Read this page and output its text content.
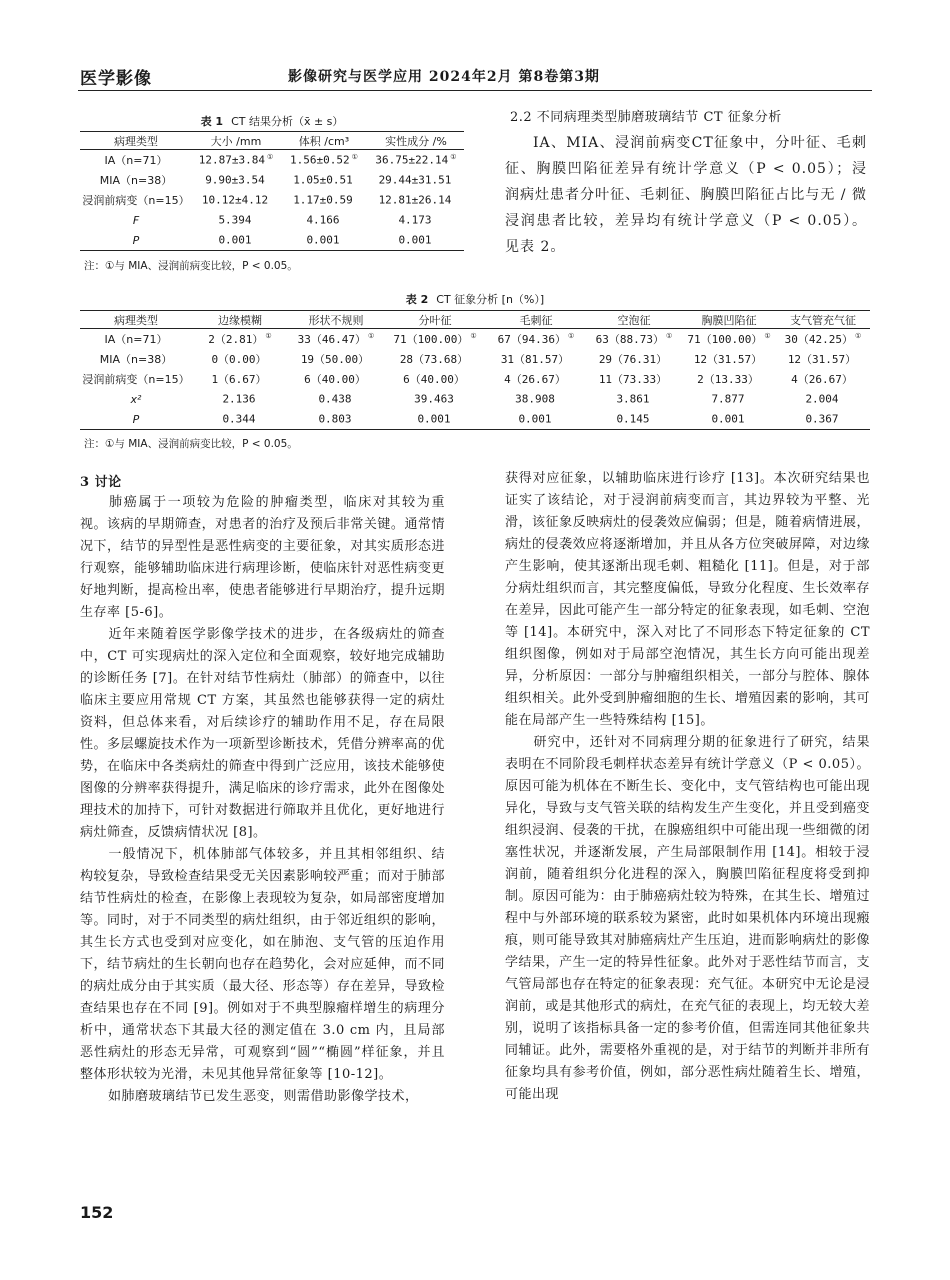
医学影像	影像研究与医学应用 2024年2月 第8卷第3期
表 1 CT 结果分析（x̄ ± s）
病理类型	大小 /mm	体积 /cm³	实性成分 /%
IA（n=71）	12.87±3.84 ①	1.56±0.52 ①	36.75±22.14 ①
MIA（n=38）	9.90±3.54	1.05±0.51	29.44±31.51
浸润前病变（n=15）	10.12±4.12	1.17±0.59	12.81±26.14
F	5.394	4.166	4.173
P	0.001	0.001	0.001
注：①与 MIA、浸润前病变比较，P < 0.05。
2.2 不同病理类型肺磨玻璃结节 CT 征象分析
IA、MIA、浸润前病变CT征象中，分叶征、毛刺征、胸膜凹陷征差异有统计学意义（P < 0.05）；浸润病灶患者分叶征、毛刺征、胸膜凹陷征占比与无 / 微浸润患者比较，差异均有统计学意义（P < 0.05）。见表 2。
表 2 CT 征象分析 [n（%）]
病理类型	边缘模糊	形状不规则	分叶征	毛刺征	空泡征	胸膜凹陷征	支气管充气征
IA（n=71）	2（2.81） ①	33（46.47） ①	71（100.00） ①	67（94.36） ①	63（88.73） ①	71（100.00） ①	30（42.25） ①
MIA（n=38）	0（0.00）	19（50.00）	28（73.68）	31（81.57）	29（76.31）	12（31.57）	12（31.57）
浸润前病变（n=15）	1（6.67）	6（40.00）	6（40.00）	4（26.67）	11（73.33）	2（13.33）	4（26.67）
x²	2.136	0.438	39.463	38.908	3.861	7.877	2.004
P	0.344	0.803	0.001	0.001	0.145	0.001	0.367
注：①与 MIA、浸润前病变比较，P < 0.05。
3 讨论
肺癌属于一项较为危险的肿瘤类型，临床对其较为重视。该病的早期筛查，对患者的治疗及预后非常关键。通常情况下，结节的异型性是恶性病变的主要征象，对其实质形态进行观察，能够辅助临床进行病理诊断，使临床针对恶性病变更好地判断，提高检出率，使患者能够进行早期治疗，提升远期生存率 [5-6]。
近年来随着医学影像学技术的进步，在各级病灶的筛查中，CT 可实现病灶的深入定位和全面观察，较好地完成辅助的诊断任务 [7]。在针对结节性病灶（肺部）的筛查中，以往临床主要应用常规 CT 方案，其虽然也能够获得一定的病灶资料，但总体来看，对后续诊疗的辅助作用不足，存在局限性。多层螺旋技术作为一项新型诊断技术，凭借分辨率高的优势，在临床中各类病灶的筛查中得到广泛应用，该技术能够使图像的分辨率获得提升，满足临床的诊疗需求，此外在图像处理技术的加持下，可针对数据进行筛取并且优化，更好地进行病灶筛查，反馈病情状况 [8]。
一般情况下，机体肺部气体较多，并且其相邻组织、结构较复杂，导致检查结果受无关因素影响较严重；而对于肺部结节性病灶的检查，在影像上表现较为复杂，如局部密度增加等。同时，对于不同类型的病灶组织，由于邻近组织的影响，其生长方式也受到对应变化，如在肺泡、支气管的压迫作用下，结节病灶的生长朝向也存在趋势化，会对应延伸，而不同的病灶成分由于其实质（最大径、形态等）存在差异，导致检查结果也存在不同 [9]。例如对于不典型腺瘤样增生的病理分析中，通常状态下其最大径的测定值在 3.0 cm 内，且局部恶性病灶的形态无异常，可观察到“圆”“椭圆”样征象，并且整体形状较为光滑，未见其他异常征象等 [10-12]。
如肺磨玻璃结节已发生恶变，则需借助影像学技术，
获得对应征象，以辅助临床进行诊疗 [13]。本次研究结果也证实了该结论，对于浸润前病变而言，其边界较为平整、光滑，该征象反映病灶的侵袭效应偏弱；但是，随着病情进展，病灶的侵袭效应将逐渐增加，并且从各方位突破屏障，对边缘产生影响，使其逐渐出现毛刺、粗糙化 [11]。但是，对于部分病灶组织而言，其完整度偏低，导致分化程度、生长效率存在差异，因此可能产生一部分特定的征象表现，如毛刺、空泡等 [14]。本研究中，深入对比了不同形态下特定征象的 CT 组织图像，例如对于局部空泡情况，其生长方向可能出现差异，分析原因：一部分与肿瘤组织相关，一部分与腔体、腺体组织相关。此外受到肿瘤细胞的生长、增殖因素的影响，其可能在局部产生一些特殊结构 [15]。
研究中，还针对不同病理分期的征象进行了研究，结果表明在不同阶段毛刺样状态差异有统计学意义（P < 0.05）。原因可能为机体在不断生长、变化中，支气管结构也可能出现异化，导致与支气管关联的结构发生产生变化，并且受到癌变组织浸润、侵袭的干扰，在腺癌组织中可能出现一些细微的闭塞性状况，并逐渐发展，产生局部限制作用 [14]。相较于浸润前，随着组织分化进程的深入，胸膜凹陷征程度将受到抑制。原因可能为：由于肺癌病灶较为特殊，在其生长、增殖过程中与外部环境的联系较为紧密，此时如果机体内环境出现瘢痕，则可能导致其对肺癌病灶产生压迫，进而影响病灶的影像学结果，产生一定的特异性征象。此外对于恶性结节而言，支气管局部也存在特定的征象表现：充气征。本研究中无论是浸润前，或是其他形式的病灶，在充气征的表现上，均无较大差别，说明了该指标具备一定的参考价值，但需连同其他征象共同辅证。此外，需要格外重视的是，对于结节的判断并非所有征象均具有参考价值，例如，部分恶性病灶随着生长、增殖，可能出现
152
